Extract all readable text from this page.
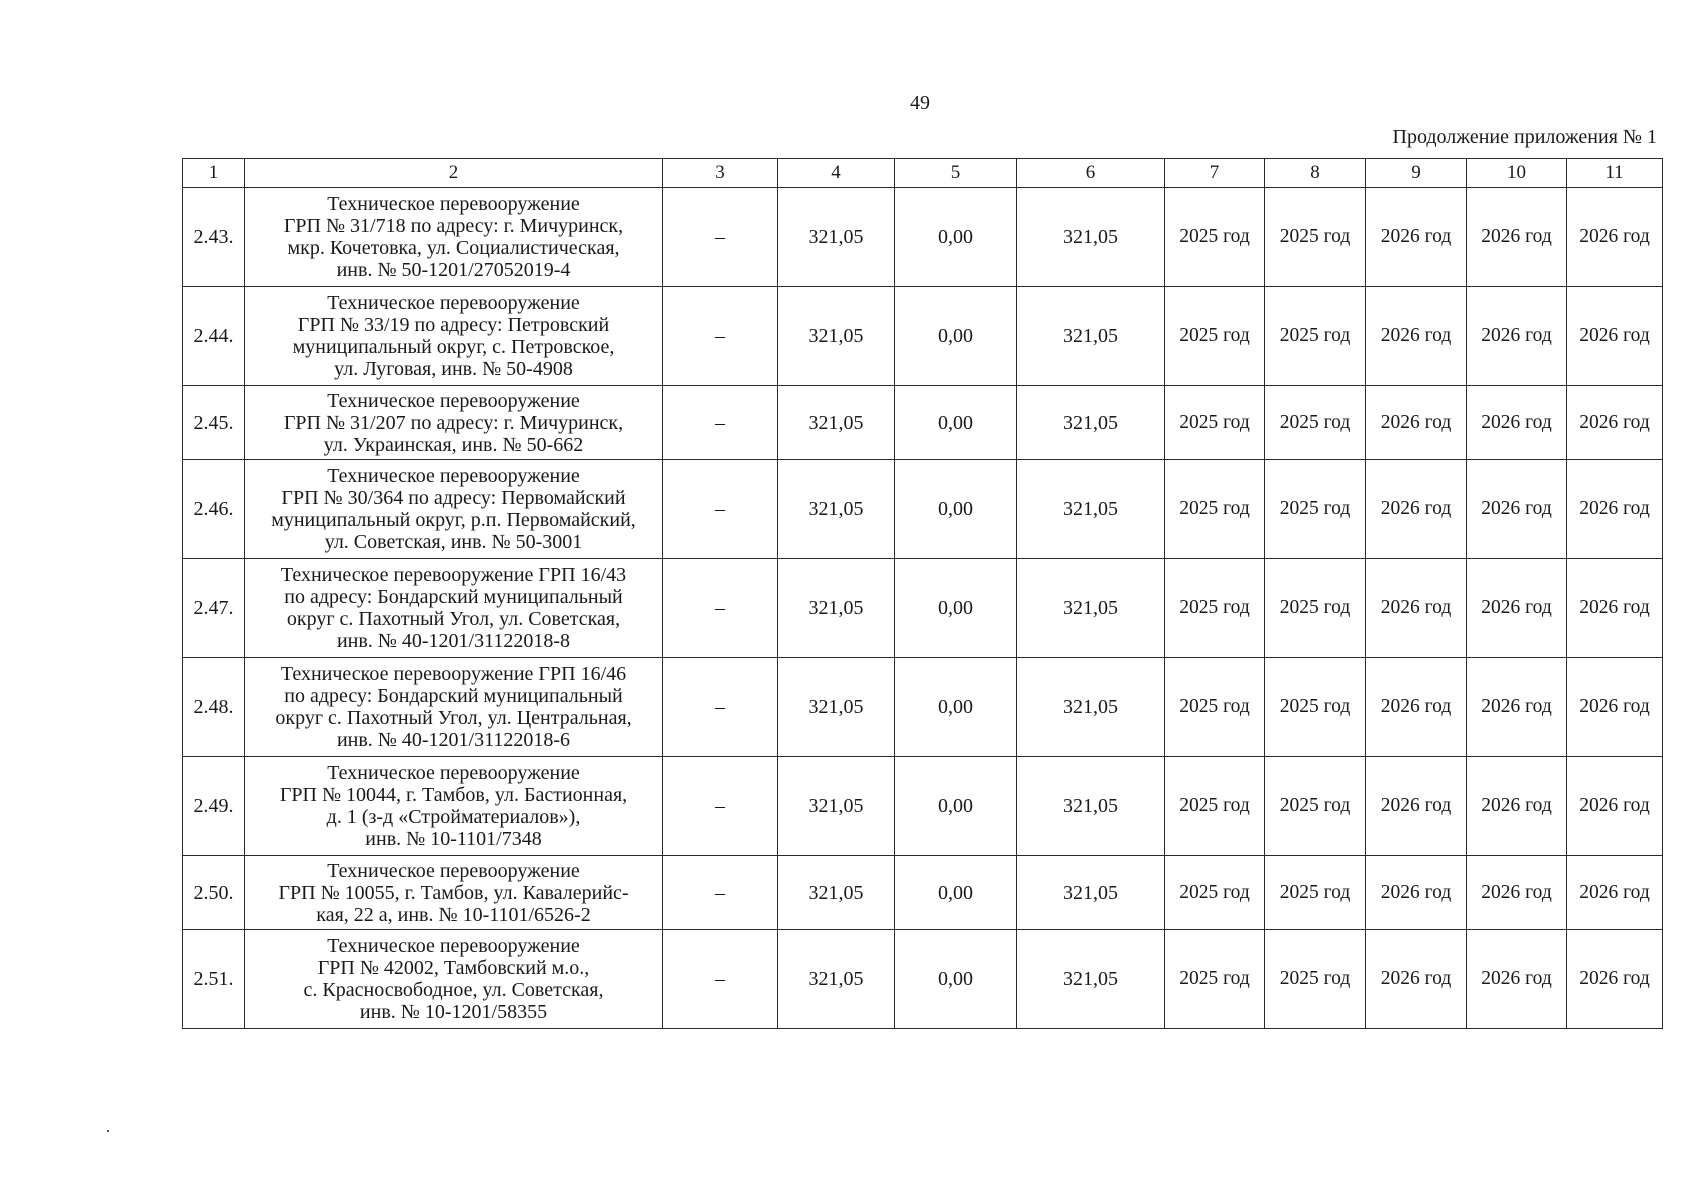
49
Продолжение приложения № 1
1	2	3	4	5	6	7	8	9	10	11
2.43.	Техническое перевооружение
ГРП № 31/718 по адресу: г. Мичуринск,
мкр. Кочетовка, ул. Социалистическая,
инв. № 50-1201/27052019-4	–	321,05	0,00	321,05	2025 год	2025 год	2026 год	2026 год	2026 год
2.44.	Техническое перевооружение
ГРП № 33/19 по адресу: Петровский
муниципальный округ, с. Петровское,
ул. Луговая, инв. № 50-4908	–	321,05	0,00	321,05	2025 год	2025 год	2026 год	2026 год	2026 год
2.45.	Техническое перевооружение
ГРП № 31/207 по адресу: г. Мичуринск,
ул. Украинская, инв. № 50-662	–	321,05	0,00	321,05	2025 год	2025 год	2026 год	2026 год	2026 год
2.46.	Техническое перевооружение
ГРП № 30/364 по адресу: Первомайский
муниципальный округ, р.п. Первомайский,
ул. Советская, инв. № 50-3001	–	321,05	0,00	321,05	2025 год	2025 год	2026 год	2026 год	2026 год
2.47.	Техническое перевооружение ГРП 16/43
по адресу: Бондарский муниципальный
округ с. Пахотный Угол, ул. Советская,
инв. № 40-1201/31122018-8	–	321,05	0,00	321,05	2025 год	2025 год	2026 год	2026 год	2026 год
2.48.	Техническое перевооружение ГРП 16/46
по адресу: Бондарский муниципальный
округ с. Пахотный Угол, ул. Центральная,
инв. № 40-1201/31122018-6	–	321,05	0,00	321,05	2025 год	2025 год	2026 год	2026 год	2026 год
2.49.	Техническое перевооружение
ГРП № 10044, г. Тамбов, ул. Бастионная,
д. 1 (з-д «Стройматериалов»),
инв. № 10-1101/7348	–	321,05	0,00	321,05	2025 год	2025 год	2026 год	2026 год	2026 год
2.50.	Техническое перевооружение
ГРП № 10055, г. Тамбов, ул. Кавалерийс-
кая, 22 а, инв. № 10-1101/6526-2	–	321,05	0,00	321,05	2025 год	2025 год	2026 год	2026 год	2026 год
2.51.	Техническое перевооружение
ГРП № 42002, Тамбовский м.о.,
с. Красносвободное, ул. Советская,
инв. № 10-1201/58355	–	321,05	0,00	321,05	2025 год	2025 год	2026 год	2026 год	2026 год
